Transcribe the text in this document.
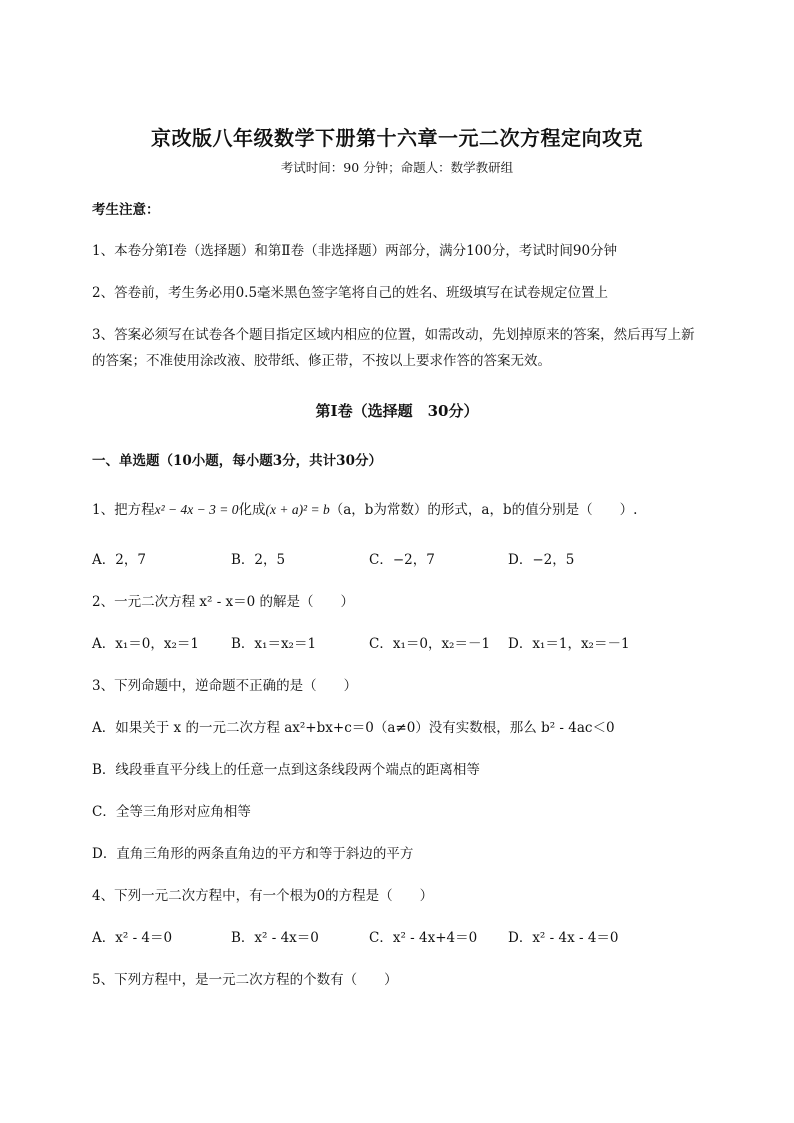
京改版八年级数学下册第十六章一元二次方程定向攻克
考试时间：90 分钟；命题人：数学教研组
考生注意：
1、本卷分第Ⅰ卷（选择题）和第Ⅱ卷（非选择题）两部分，满分100分，考试时间90分钟
2、答卷前，考生务必用0.5毫米黑色签字笔将自己的姓名、班级填写在试卷规定位置上
3、答案必须写在试卷各个题目指定区域内相应的位置，如需改动，先划掉原来的答案，然后再写上新
的答案；不准使用涂改液、胶带纸、修正带，不按以上要求作答的答案无效。
第Ⅰ卷（选择题　30分）
一、单选题（10小题，每小题3分，共计30分）
1、把方程x² − 4x − 3 = 0化成(x + a)² = b（a，b为常数）的形式，a，b的值分别是（　　）.
A．2，7	B．2，5	C．−2，7	D．−2，5
2、一元二次方程 x² - x＝0 的解是（　　）
A．x₁＝0，x₂＝1 B．x₁＝x₂＝1	C．x₁＝0，x₂＝－1 D．x₁＝1，x₂＝－1
3、下列命题中，逆命题不正确的是（　　）
A．如果关于 x 的一元二次方程 ax²+bx+c＝0（a≠0）没有实数根，那么 b² - 4ac＜0
B．线段垂直平分线上的任意一点到这条线段两个端点的距离相等
C．全等三角形对应角相等
D．直角三角形的两条直角边的平方和等于斜边的平方
4、下列一元二次方程中，有一个根为0的方程是（　　）
A．x² - 4＝0	B．x² - 4x＝0	C．x² - 4x+4＝0 D．x² - 4x - 4＝0
5、下列方程中，是一元二次方程的个数有（　　）
